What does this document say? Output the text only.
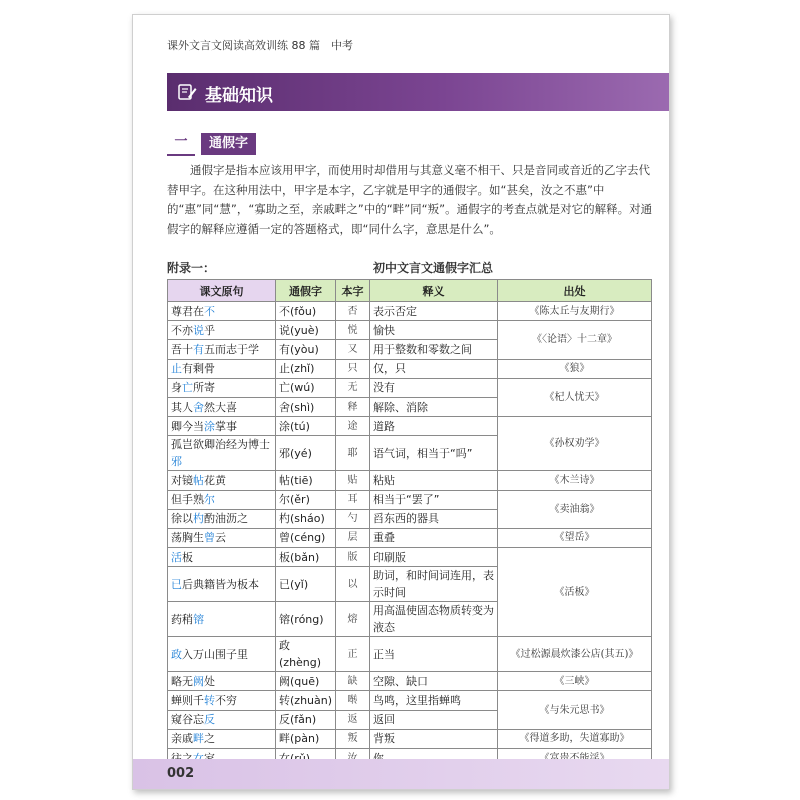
课外文言文阅读高效训练 88 篇　中考
基础知识
一	通假字
通假字是指本应该用甲字，而使用时却借用与其意义毫不相干、只是音同或音近的乙字去代替甲字。在这种用法中，甲字是本字，乙字就是甲字的通假字。如“甚矣，汝之不惠”中的“惠”同“慧”，“寡助之至，亲戚畔之”中的“畔”同“叛”。通假字的考查点就是对它的解释。对通假字的解释应遵循一定的答题格式，即“同什么字，意思是什么”。
附录一：	初中文言文通假字汇总
课文原句	通假字	本字	释义	出处
尊君在不	不(fǒu)	否	表示否定	《陈太丘与友期行》
不亦说乎	说(yuè)	悦	愉快	《〈论语〉十二章》
吾十有五而志于学	有(yòu)	又	用于整数和零数之间	
止有剩骨	止(zhǐ)	只	仅，只	《狼》
身亡所寄	亡(wú)	无	没有	《杞人忧天》
其人舍然大喜	舍(shì)	释	解除、消除	
卿今当涂掌事	涂(tú)	途	道路	《孙权劝学》
孤岂欲卿治经为博士邪	邪(yé)	耶	语气词，相当于“吗”	
对镜帖花黄	帖(tiē)	贴	粘贴	《木兰诗》
但手熟尔	尔(ěr)	耳	相当于“罢了”	《卖油翁》
徐以杓酌油沥之	杓(sháo)	勺	舀东西的器具	
荡胸生曾云	曾(céng)	层	重叠	《望岳》
活板	板(bǎn)	版	印刷版	《活板》
已后典籍皆为板本	已(yǐ)	以	助词，和时间词连用，表示时间	
药稍镕	镕(róng)	熔	用高温使固态物质转变为液态	
政入万山围子里	政(zhèng)	正	正当	《过松源晨炊漆公店(其五)》
略无阙处	阙(quē)	缺	空隙、缺口	《三峡》
蝉则千转不穷	转(zhuàn)	啭	鸟鸣，这里指蝉鸣	《与朱元思书》
窥谷忘反	反(fǎn)	返	返回	
亲戚畔之	畔(pàn)	叛	背叛	《得道多助，失道寡助》

002
